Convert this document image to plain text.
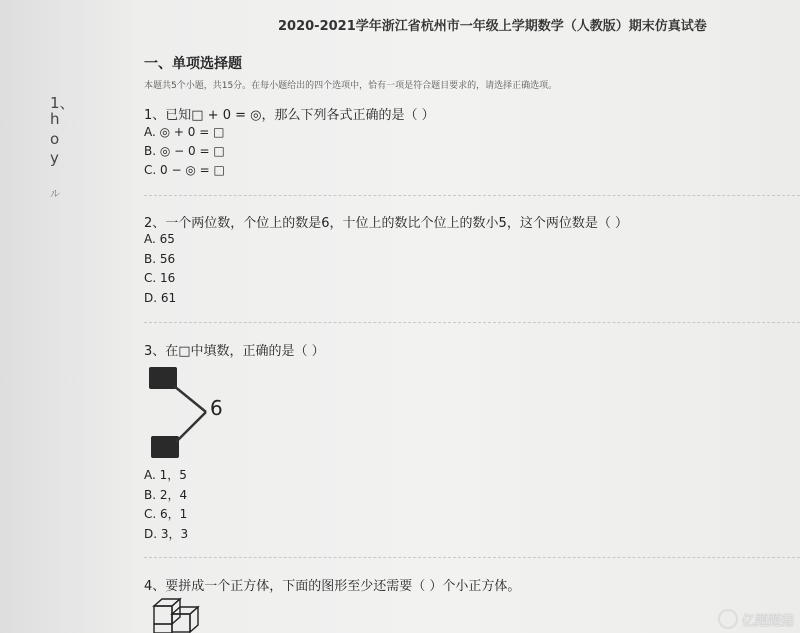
1、
h
o
y
ル
2020-2021学年浙江省杭州市一年级上学期数学（人教版）期末仿真试卷
一、单项选择题
本题共5个小题，共15分。在每小题给出的四个选项中，恰有一项是符合题目要求的，请选择正确选项。
1、已知□ + 0 = ◎，那么下列各式正确的是（ ）
A. ◎ + 0 = □
B. ◎ − 0 = □
C. 0 − ◎ = □
2、一个两位数，个位上的数是6，十位上的数比个位上的数小5，这个两位数是（ ）
A. 65
B. 56
C. 16
D. 61
3、在□中填数，正确的是（ ）
6
A. 1，5
B. 2，4
C. 6，1
D. 3，3
4、要拼成一个正方体，下面的图形至少还需要（ ）个小正方体。
亿题题菇
